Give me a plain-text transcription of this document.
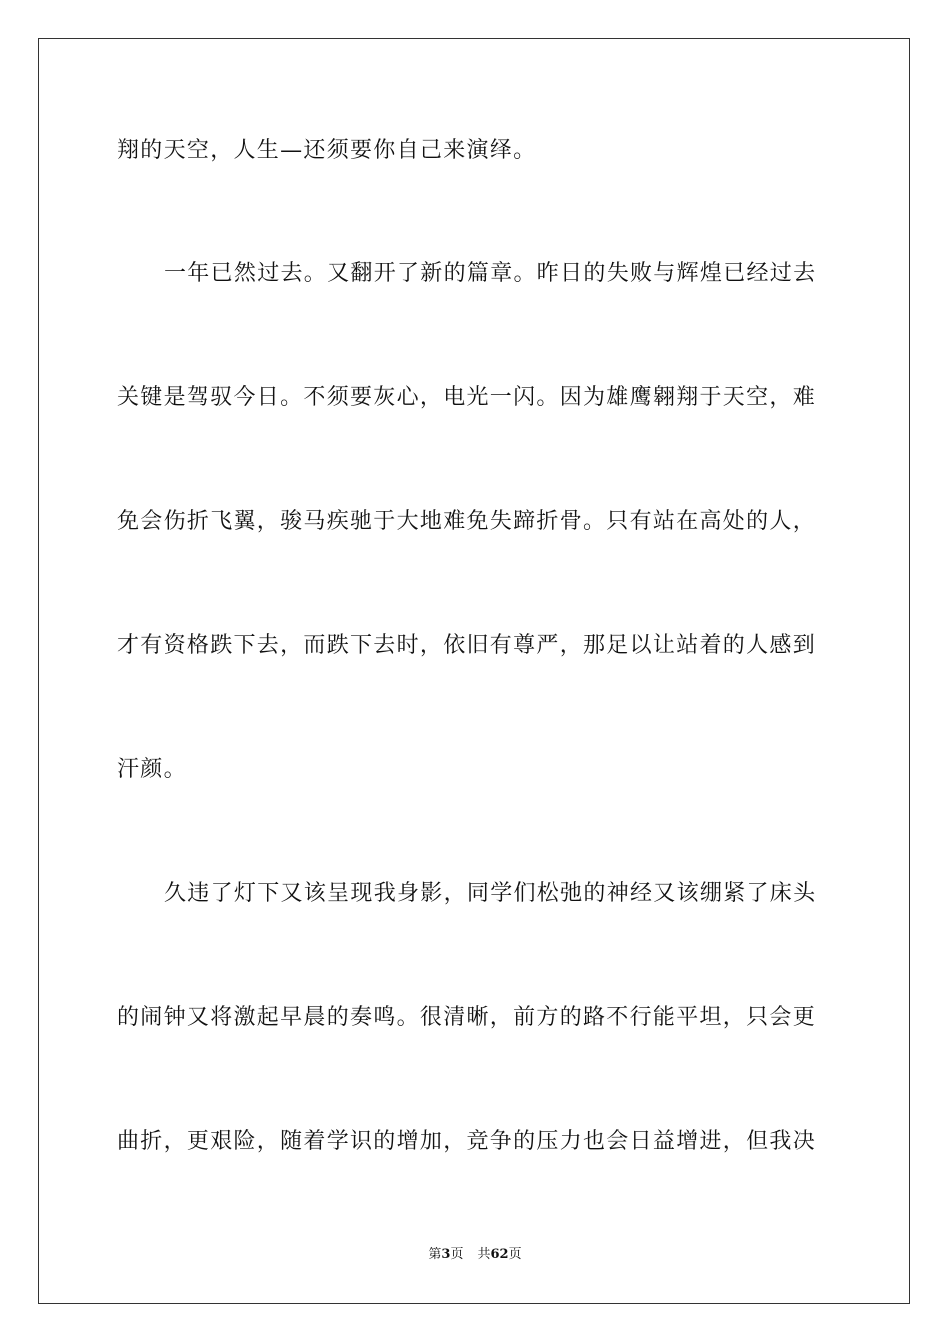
翔的天空，人生—还须要你自己来演绎。
一年已然过去。又翻开了新的篇章。昨日的失败与辉煌已经过去
关键是驾驭今日。不须要灰心，电光一闪。因为雄鹰翱翔于天空，难
免会伤折飞翼，骏马疾驰于大地难免失蹄折骨。只有站在高处的人，
才有资格跌下去，而跌下去时，依旧有尊严，那足以让站着的人感到
汗颜。
久违了灯下又该呈现我身影，同学们松弛的神经又该绷紧了床头
的闹钟又将激起早晨的奏鸣。很清晰，前方的路不行能平坦，只会更
曲折，更艰险，随着学识的增加，竞争的压力也会日益增进，但我决
第3页 共62页
